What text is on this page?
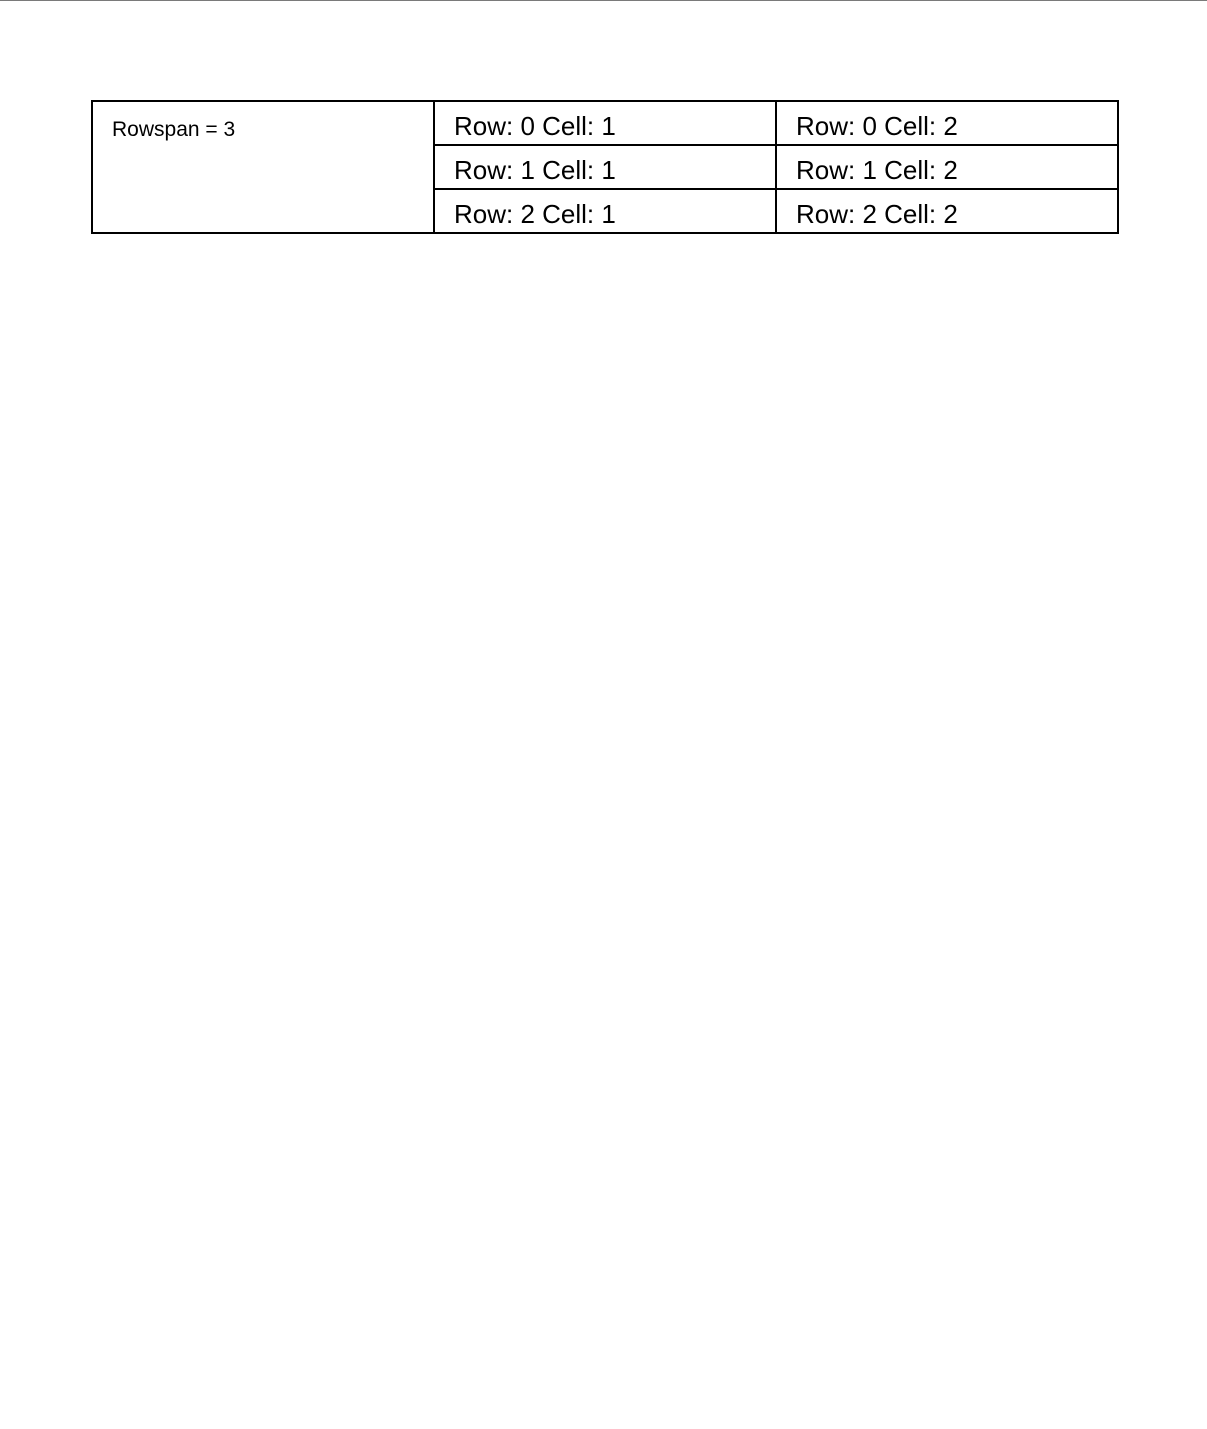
Rowspan = 3	Row: 0 Cell: 1	Row: 0 Cell: 2
	Row: 1 Cell: 1	Row: 1 Cell: 2
	Row: 2 Cell: 1	Row: 2 Cell: 2
